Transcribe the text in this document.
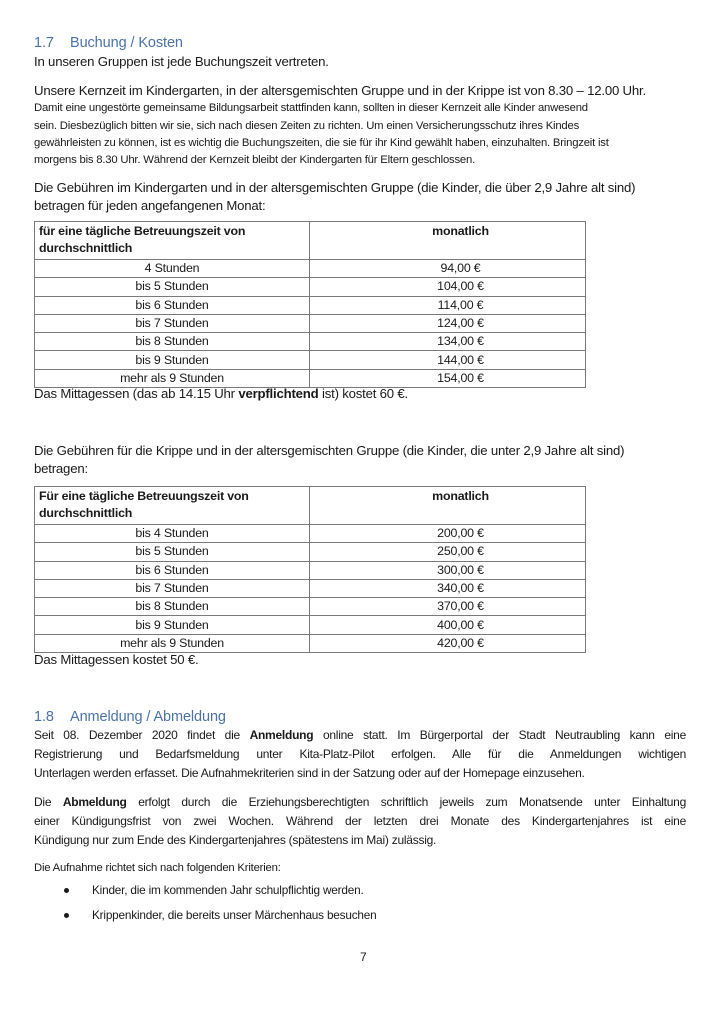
1.7 Buchung / Kosten
In unseren Gruppen ist jede Buchungszeit vertreten.
Unsere Kernzeit im Kindergarten, in der altersgemischten Gruppe und in der Krippe ist von 8.30 – 12.00 Uhr.
Damit eine ungestörte gemeinsame Bildungsarbeit stattfinden kann, sollten in dieser Kernzeit alle Kinder anwesend
sein. Diesbezüglich bitten wir sie, sich nach diesen Zeiten zu richten. Um einen Versicherungsschutz ihres Kindes
gewährleisten zu können, ist es wichtig die Buchungszeiten, die sie für ihr Kind gewählt haben, einzuhalten. Bringzeit ist
morgens bis 8.30 Uhr. Während der Kernzeit bleibt der Kindergarten für Eltern geschlossen.
Die Gebühren im Kindergarten und in der altersgemischten Gruppe (die Kinder, die über 2,9 Jahre alt sind)
betragen für jeden angefangenen Monat:
für eine tägliche Betreuungszeit von
durchschnittlich	monatlich
4 Stunden	94,00 €
bis 5 Stunden	104,00 €
bis 6 Stunden	114,00 €
bis 7 Stunden	124,00 €
bis 8 Stunden	134,00 €
bis 9 Stunden	144,00 €
mehr als 9 Stunden	154,00 €
Das Mittagessen (das ab 14.15 Uhr verpflichtend ist) kostet 60 €.
Die Gebühren für die Krippe und in der altersgemischten Gruppe (die Kinder, die unter 2,9 Jahre alt sind)
betragen:
Für eine tägliche Betreuungszeit von
durchschnittlich	monatlich
bis 4 Stunden	200,00 €
bis 5 Stunden	250,00 €
bis 6 Stunden	300,00 €
bis 7 Stunden	340,00 €
bis 8 Stunden	370,00 €
bis 9 Stunden	400,00 €
mehr als 9 Stunden	420,00 €
Das Mittagessen kostet 50 €.
1.8 Anmeldung / Abmeldung
Seit 08. Dezember 2020 findet die Anmeldung online statt. Im Bürgerportal der Stadt Neutraubling kann eine
Registrierung und Bedarfsmeldung unter Kita-Platz-Pilot erfolgen. Alle für die Anmeldungen wichtigen
Unterlagen werden erfasset. Die Aufnahmekriterien sind in der Satzung oder auf der Homepage einzusehen.
Die Abmeldung erfolgt durch die Erziehungsberechtigten schriftlich jeweils zum Monatsende unter Einhaltung
einer Kündigungsfrist von zwei Wochen. Während der letzten drei Monate des Kindergartenjahres ist eine
Kündigung nur zum Ende des Kindergartenjahres (spätestens im Mai) zulässig.
Die Aufnahme richtet sich nach folgenden Kriterien:
Kinder, die im kommenden Jahr schulpflichtig werden.
Krippenkinder, die bereits unser Märchenhaus besuchen
7
